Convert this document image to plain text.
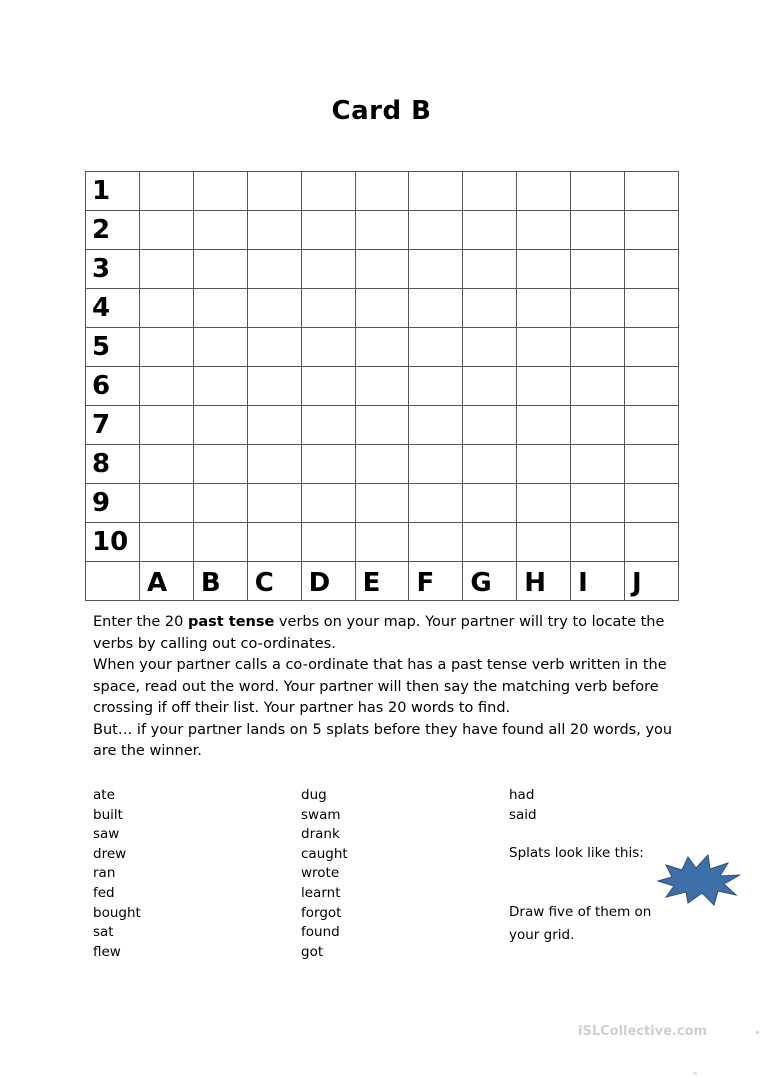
Card B
1										
2										
3										
4										
5										
6										
7										
8										
9										
10										
	A	B	C	D	E	F	G	H	I	J

Enter the 20 past tense verbs on your map. Your partner will try to locate the verbs by calling out co-ordinates.

When your partner calls a co-ordinate that has a past tense verb written in the space, read out the word. Your partner will then say the matching verb before crossing if off their list. Your partner has 20 words to find.

But… if your partner lands on 5 splats before they have found all 20 words, you are the winner.

ate
built
saw
drew
ran
fed
bought
sat
flew
dug
swam
drank
caught
wrote
learnt
forgot
found
got
had
said
Splats look like this:
Draw five of them on your grid.
iSLCollective.com
